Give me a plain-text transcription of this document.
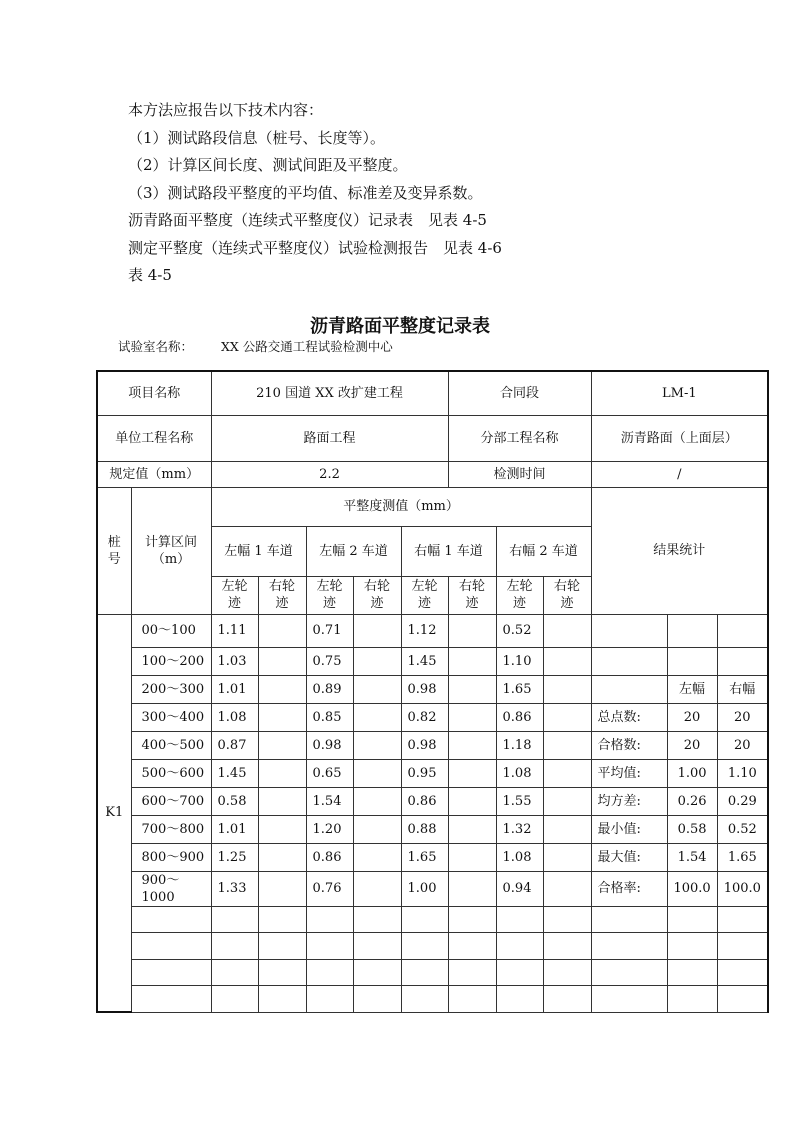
本方法应报告以下技术内容：
（1）测试路段信息（桩号、长度等）。
（2）计算区间长度、测试间距及平整度。
（3）测试路段平整度的平均值、标准差及变异系数。
沥青路面平整度（连续式平整度仪）记录表　见表 4-5
测定平整度（连续式平整度仪）试验检测报告　见表 4-6
表 4-5
沥青路面平整度记录表
试验室名称： XX 公路交通工程试验检测中心
项目名称		210 国道 XX 改扩建工程					合同段			LM-1		
单位工程名称		路面工程					分部工程名称			沥青路面（上面层）		
规定值（mm）		2.2					检测时间			/		

桩号	计算区间（m）	平整度测值（mm）								结果统计		
		左幅 1 车道		左幅 2 车道		右幅 1 车道		右幅 2 车道				

		左轮迹	右轮迹	左轮迹	右轮迹	左轮迹	右轮迹	左轮迹	右轮迹			

K1	00～100	1.11		0.71		1.12		0.52				
	100～200	1.03		0.75		1.45		1.10				
	200～300	1.01		0.89		0.98		1.65			左幅	右幅
	300～400	1.08		0.85		0.82		0.86		总点数:	20	20
	400～500	0.87		0.98		0.98		1.18		合格数:	20	20
	500～600	1.45		0.65		0.95		1.08		平均值:	1.00	1.10
	600～700	0.58		1.54		0.86		1.55		均方差:	0.26	0.29
	700～800	1.01		1.20		0.88		1.32		最小值:	0.58	0.52
	800～900	1.25		0.86		1.65		1.08		最大值:	1.54	1.65
	900～1000	1.33		0.76		1.00		0.94		合格率:	100.0	100.0
